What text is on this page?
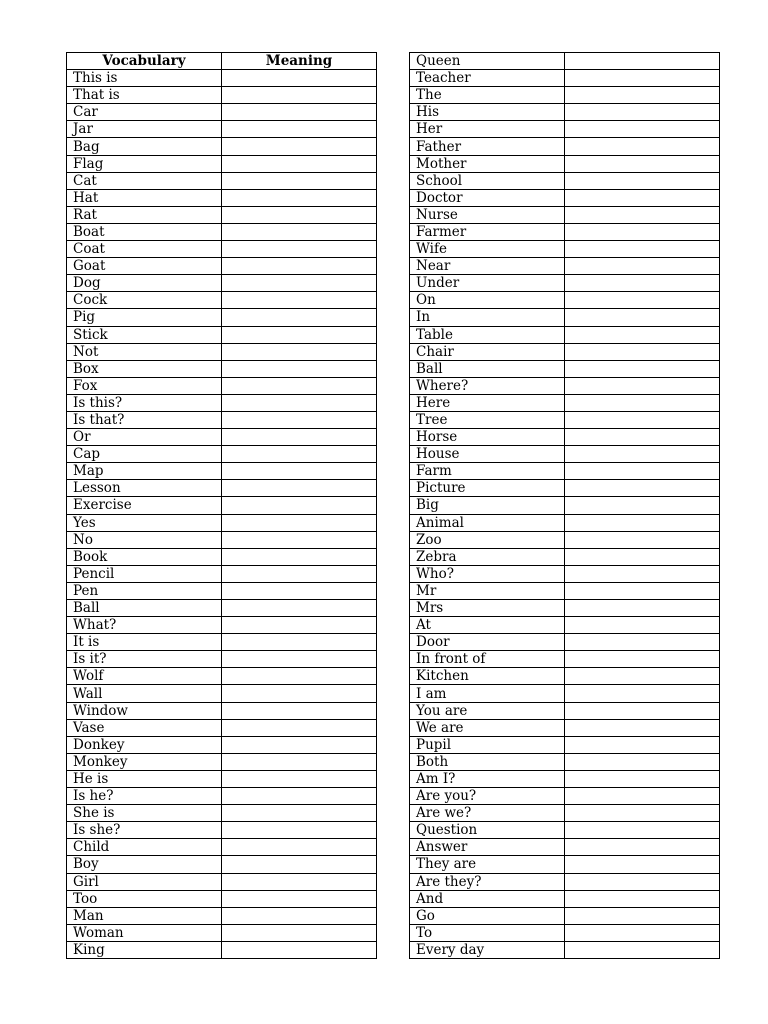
Vocabulary	Meaning
This is	
That is	
Car	
Jar	
Bag	
Flag	
Cat	
Hat	
Rat	
Boat	
Coat	
Goat	
Dog	
Cock	
Pig	
Stick	
Not	
Box	
Fox	
Is this?	
Is that?	
Or	
Cap	
Map	
Lesson	
Exercise	
Yes	
No	
Book	
Pencil	
Pen	
Ball	
What?	
It is	
Is it?	
Wolf	
Wall	
Window	
Vase	
Donkey	
Monkey	
He is	
Is he?	
She is	
Is she?	
Child	
Boy	
Girl	
Too	
Man	
Woman	
King	
Queen	
Teacher	
The	
His	
Her	
Father	
Mother	
School	
Doctor	
Nurse	
Farmer	
Wife	
Near	
Under	
On	
In	
Table	
Chair	
Ball	
Where?	
Here	
Tree	
Horse	
House	
Farm	
Picture	
Big	
Animal	
Zoo	
Zebra	
Who?	
Mr	
Mrs	
At	
Door	
In front of	
Kitchen	
I am	
You are	
We are	
Pupil	
Both	
Am I?	
Are you?	
Are we?	
Question	
Answer	
They are	
Are they?	
And	
Go	
To	
Every day	
